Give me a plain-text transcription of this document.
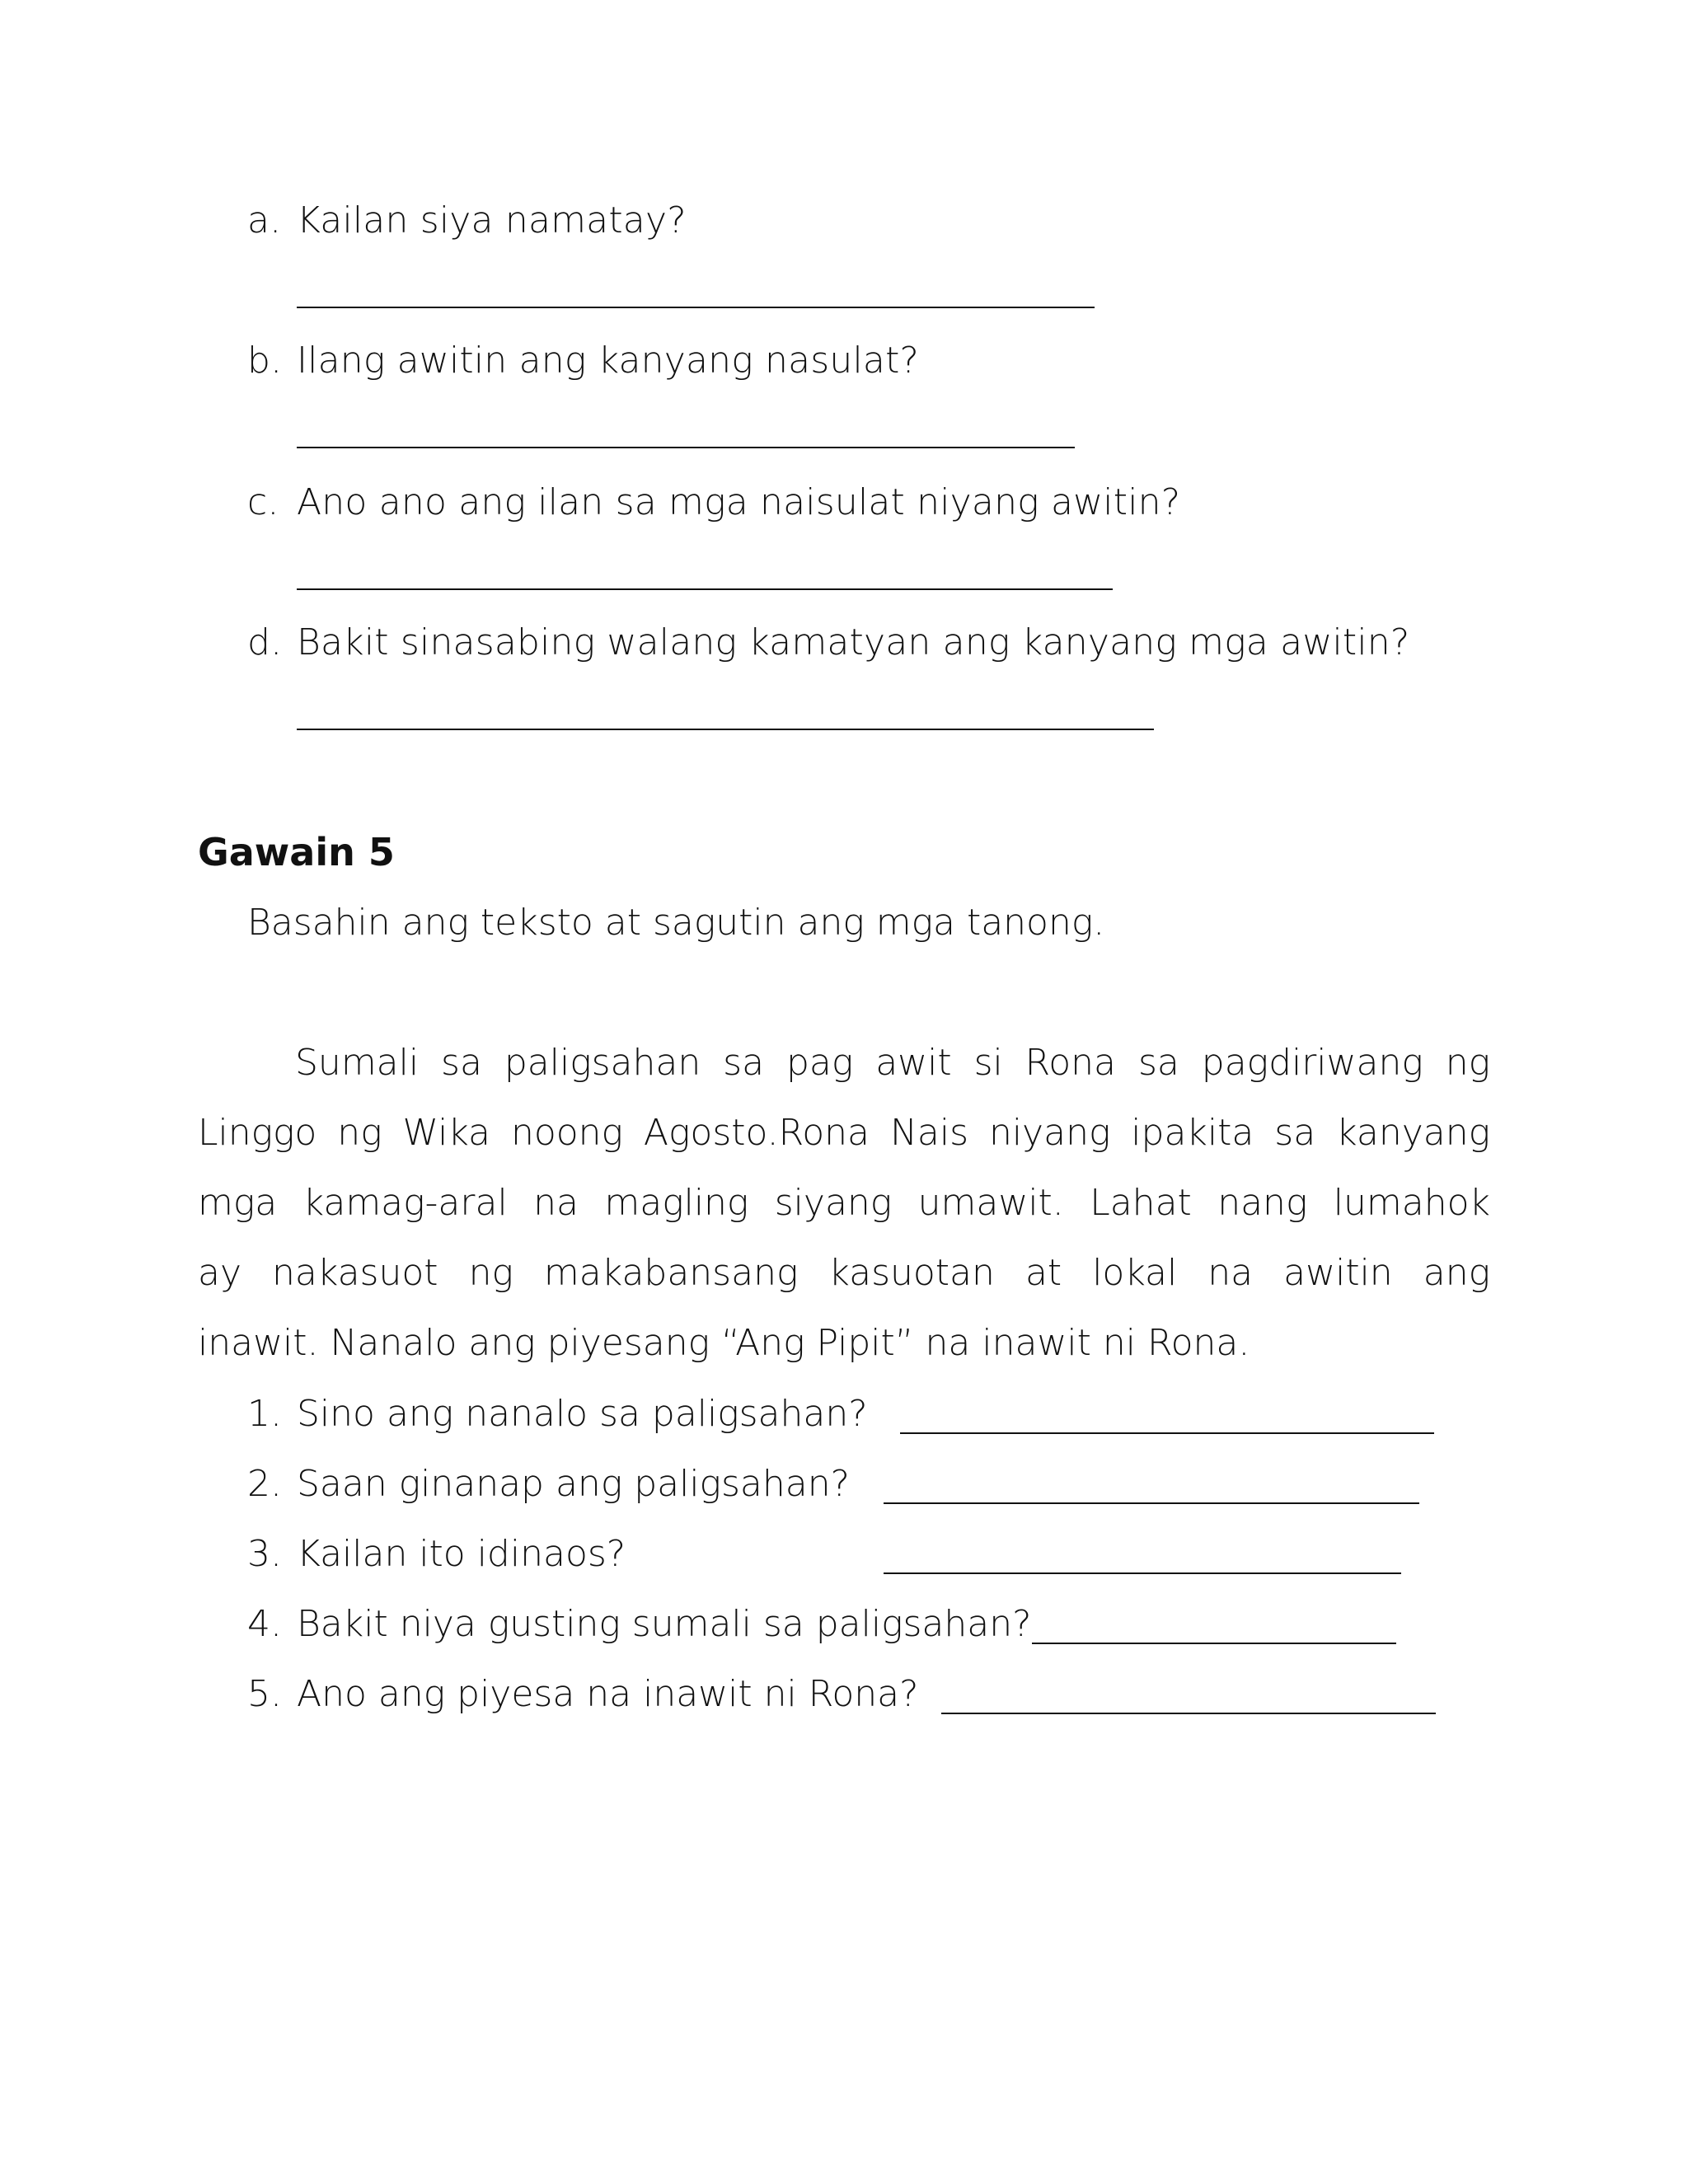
a. Kailan siya namatay?
b. Ilang awitin ang kanyang nasulat?
c. Ano ano ang ilan sa mga naisulat niyang awitin?
d. Bakit sinasabing walang kamatyan ang kanyang mga awitin?
Gawain 5
Basahin ang teksto at sagutin ang mga tanong.
Sumali sa paligsahan sa pag awit si Rona sa pagdiriwang ng
Linggo ng Wika noong Agosto.Rona Nais niyang ipakita sa kanyang
mga kamag-aral na magling siyang umawit. Lahat nang lumahok
ay nakasuot ng makabansang kasuotan at lokal na awitin ang
inawit. Nanalo ang piyesang “Ang Pipit” na inawit ni Rona.
1. Sino ang nanalo sa paligsahan?
2. Saan ginanap ang paligsahan?
3. Kailan ito idinaos?
4. Bakit niya gusting sumali sa paligsahan?
5. Ano ang piyesa na inawit ni Rona?
